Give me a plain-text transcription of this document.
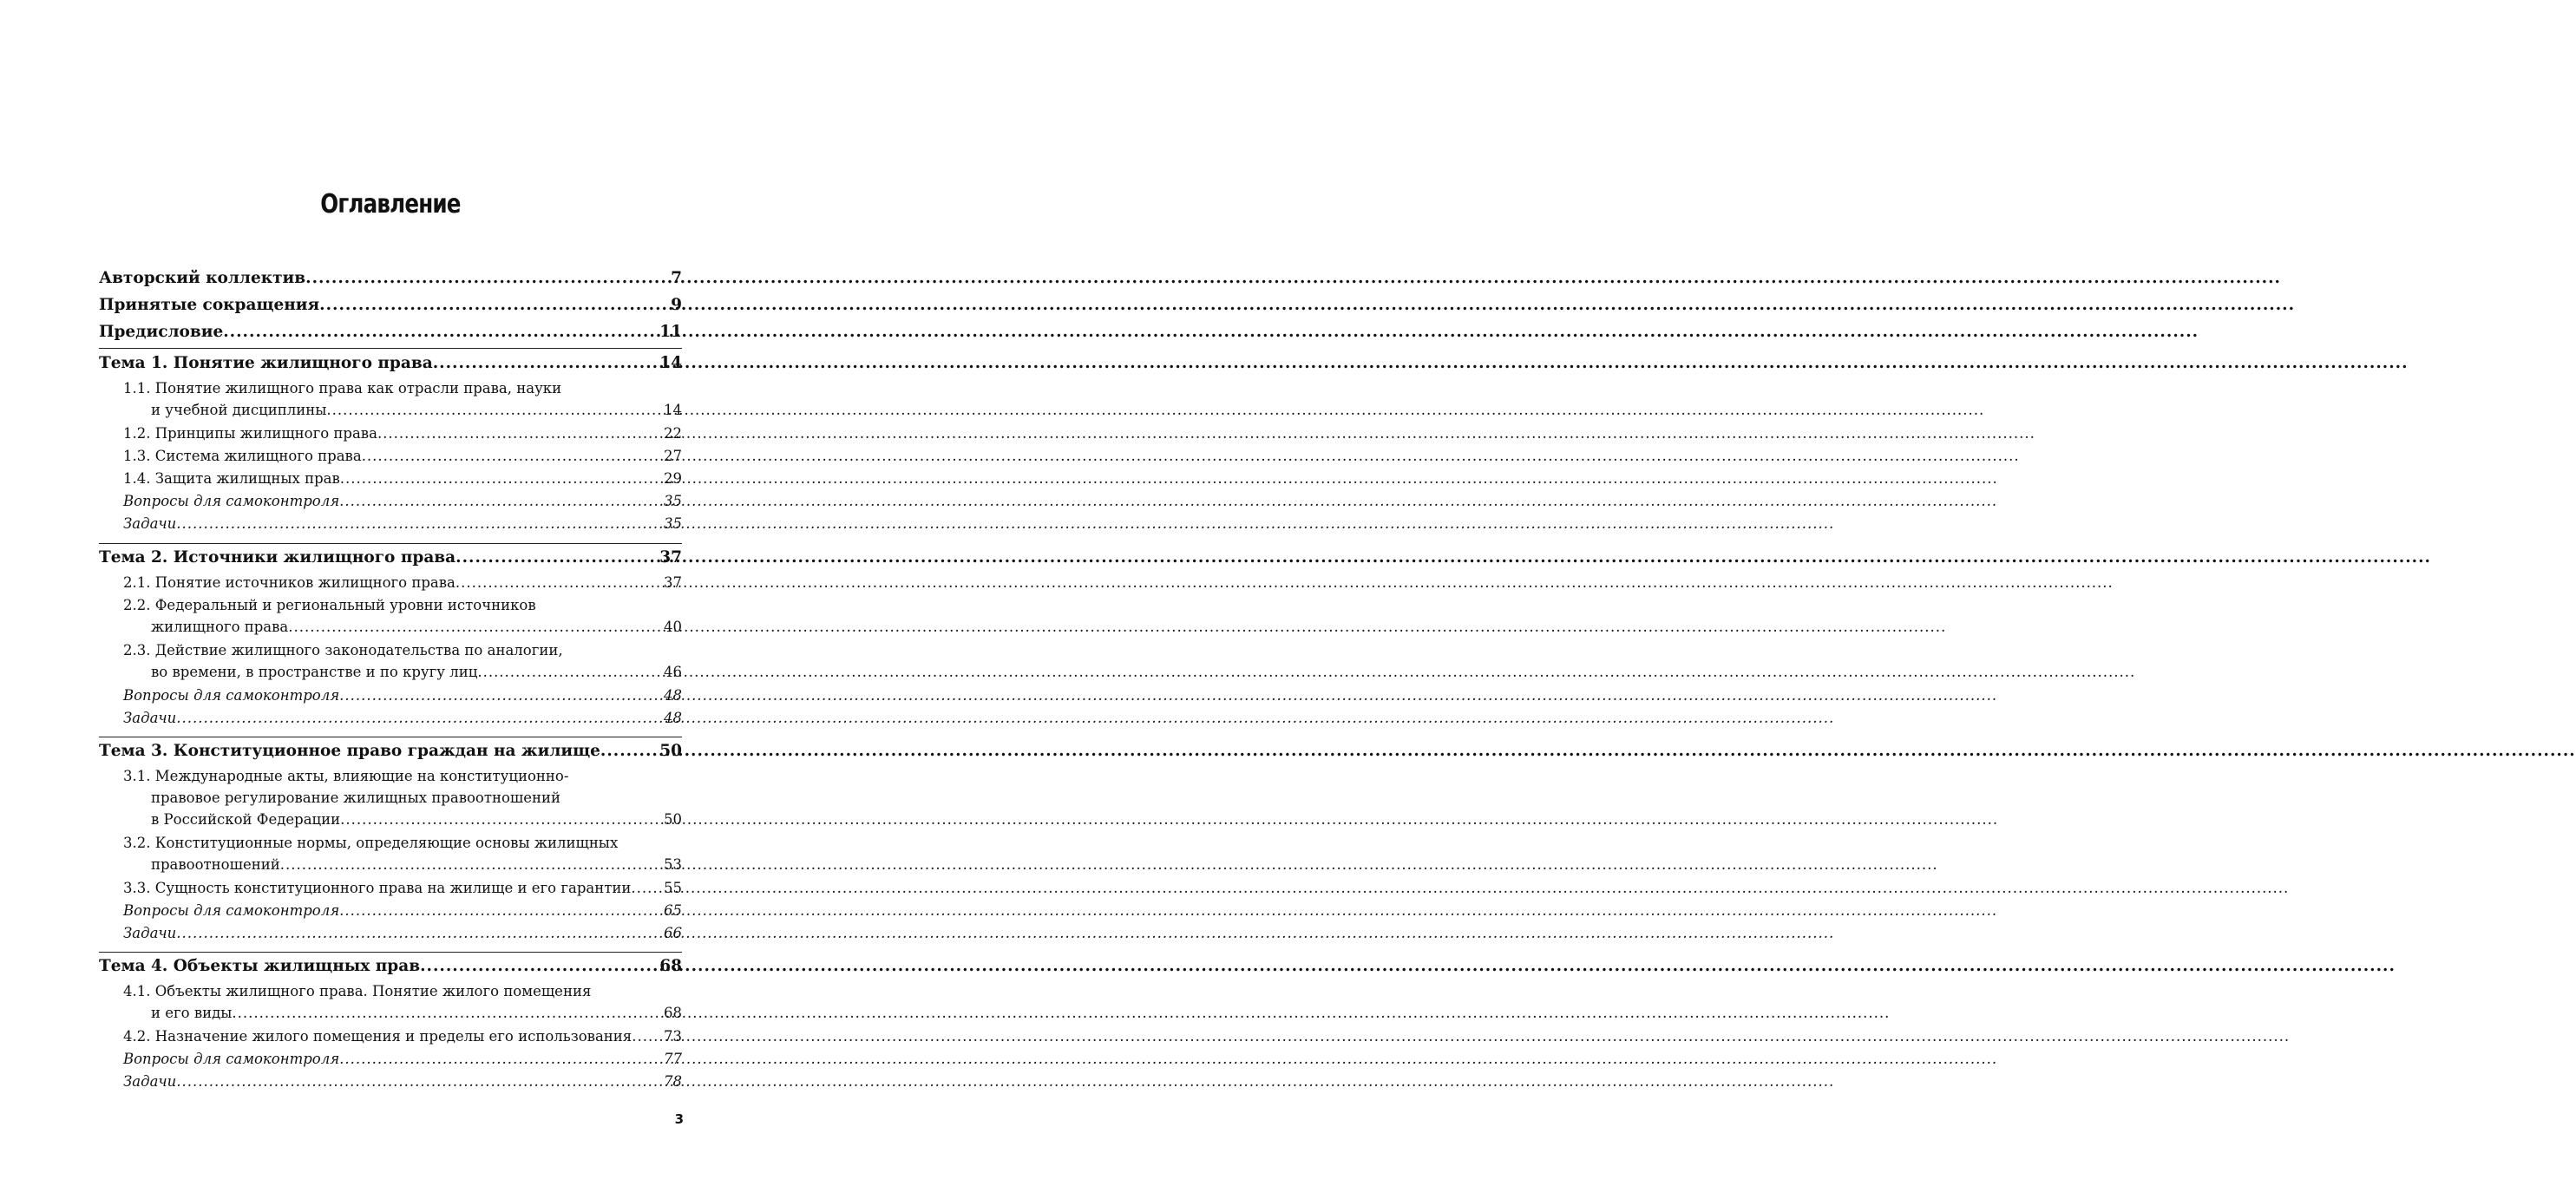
Оглавление
Авторский коллектив .....	7
Принятые сокращения .....	9
Предисловие .....	11
Тема 1. Понятие жилищного права .....	14
1.1. Понятие жилищного права как отрасли права, науки
и учебной дисциплины .....	14
1.2. Принципы жилищного права .....	22
1.3. Система жилищного права .....	27
1.4. Защита жилищных прав .....	29
Вопросы для самоконтроля .....	35
Задачи .....	35
Тема 2. Источники жилищного права .....	37
2.1. Понятие источников жилищного права .....	37
2.2. Федеральный и региональный уровни источников
жилищного права .....	40
2.3. Действие жилищного законодательства по аналогии,
во времени, в пространстве и по кругу лиц .....	46
Вопросы для самоконтроля .....	48
Задачи .....	48
Тема 3. Конституционное право граждан на жилище .....	50
3.1. Международные акты, влияющие на конституционно-
правовое регулирование жилищных правоотношений
в Российской Федерации .....	50
3.2. Конституционные нормы, определяющие основы жилищных
правоотношений .....	53
3.3. Сущность конституционного права на жилище и его гарантии ..... 55
Вопросы для самоконтроля .....	65
Задачи .....	66
Тема 4. Объекты жилищных прав .....	68
4.1. Объекты жилищного права. Понятие жилого помещения
и его виды .....	68
4.2. Назначение жилого помещения и пределы его использования ..... 73
Вопросы для самоконтроля .....	77
Задачи .....	78
3
